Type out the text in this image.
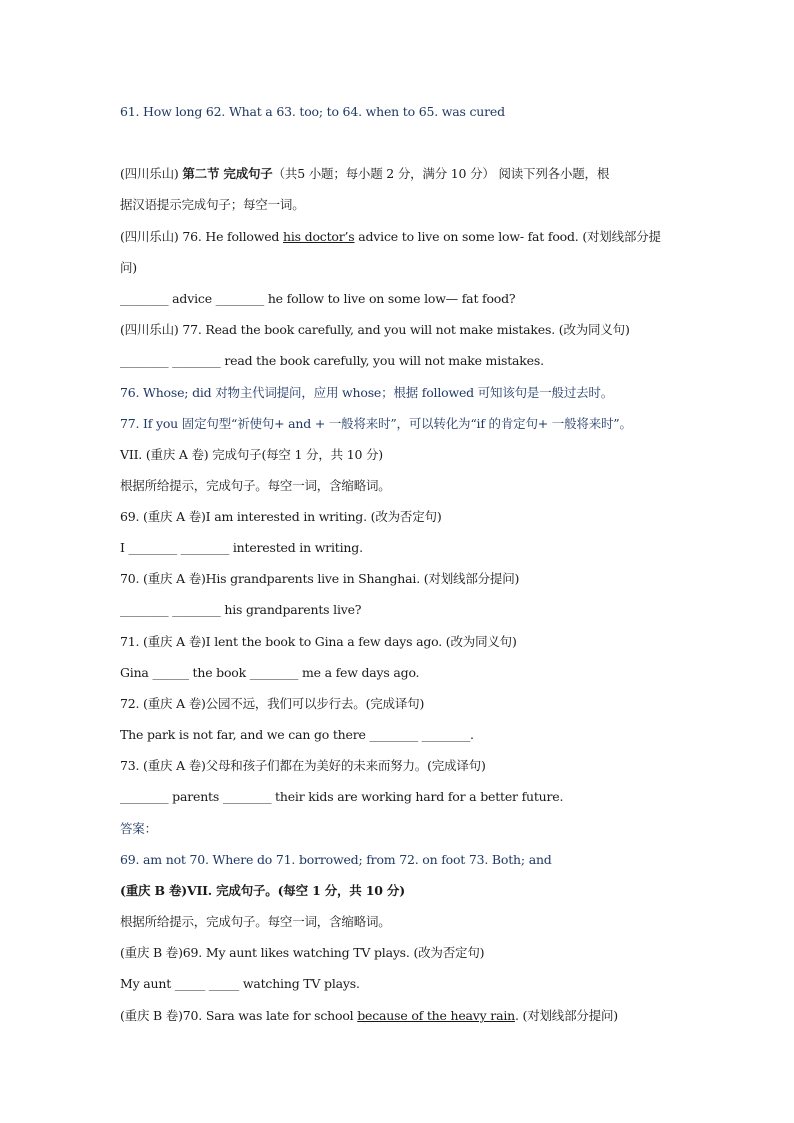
61. How long 62. What a 63. too; to 64. when to 65. was cured
(四川乐山) 第二节 完成句子（共5 小题；每小题 2 分，满分 10 分） 阅读下列各小题，根
据汉语提示完成句子；每空一词。
(四川乐山) 76. He followed his doctor’s advice to live on some low- fat food. (对划线部分提
问)
________ advice ________ he follow to live on some low— fat food?
(四川乐山) 77. Read the book carefully, and you will not make mistakes. (改为同义句)
________ ________ read the book carefully, you will not make mistakes.
76. Whose; did 对物主代词提问，应用 whose；根据 followed 可知该句是一般过去时。
77. If you 固定句型“祈使句+ and + 一般将来时”，可以转化为“if 的肯定句+ 一般将来时”。
VII. (重庆 A 卷) 完成句子(每空 1 分，共 10 分)
根据所给提示，完成句子。每空一词，含缩略词。
69. (重庆 A 卷)I am interested in writing. (改为否定句)
I ________ ________ interested in writing.
70. (重庆 A 卷)His grandparents live in Shanghai. (对划线部分提问)
________ ________ his grandparents live?
71. (重庆 A 卷)I lent the book to Gina a few days ago. (改为同义句)
Gina ______ the book ________ me a few days ago.
72. (重庆 A 卷)公园不远，我们可以步行去。(完成译句)
The park is not far, and we can go there ________ ________.
73. (重庆 A 卷)父母和孩子们都在为美好的未来而努力。(完成译句)
________ parents ________ their kids are working hard for a better future.
答案：
69. am not 70. Where do 71. borrowed; from 72. on foot 73. Both; and
(重庆 B 卷)VII. 完成句子。(每空 1 分，共 10 分)
根据所给提示，完成句子。每空一词，含缩略词。
(重庆 B 卷)69. My aunt likes watching TV plays. (改为否定句)
My aunt _____ _____ watching TV plays.
(重庆 B 卷)70. Sara was late for school because of the heavy rain. (对划线部分提问)
